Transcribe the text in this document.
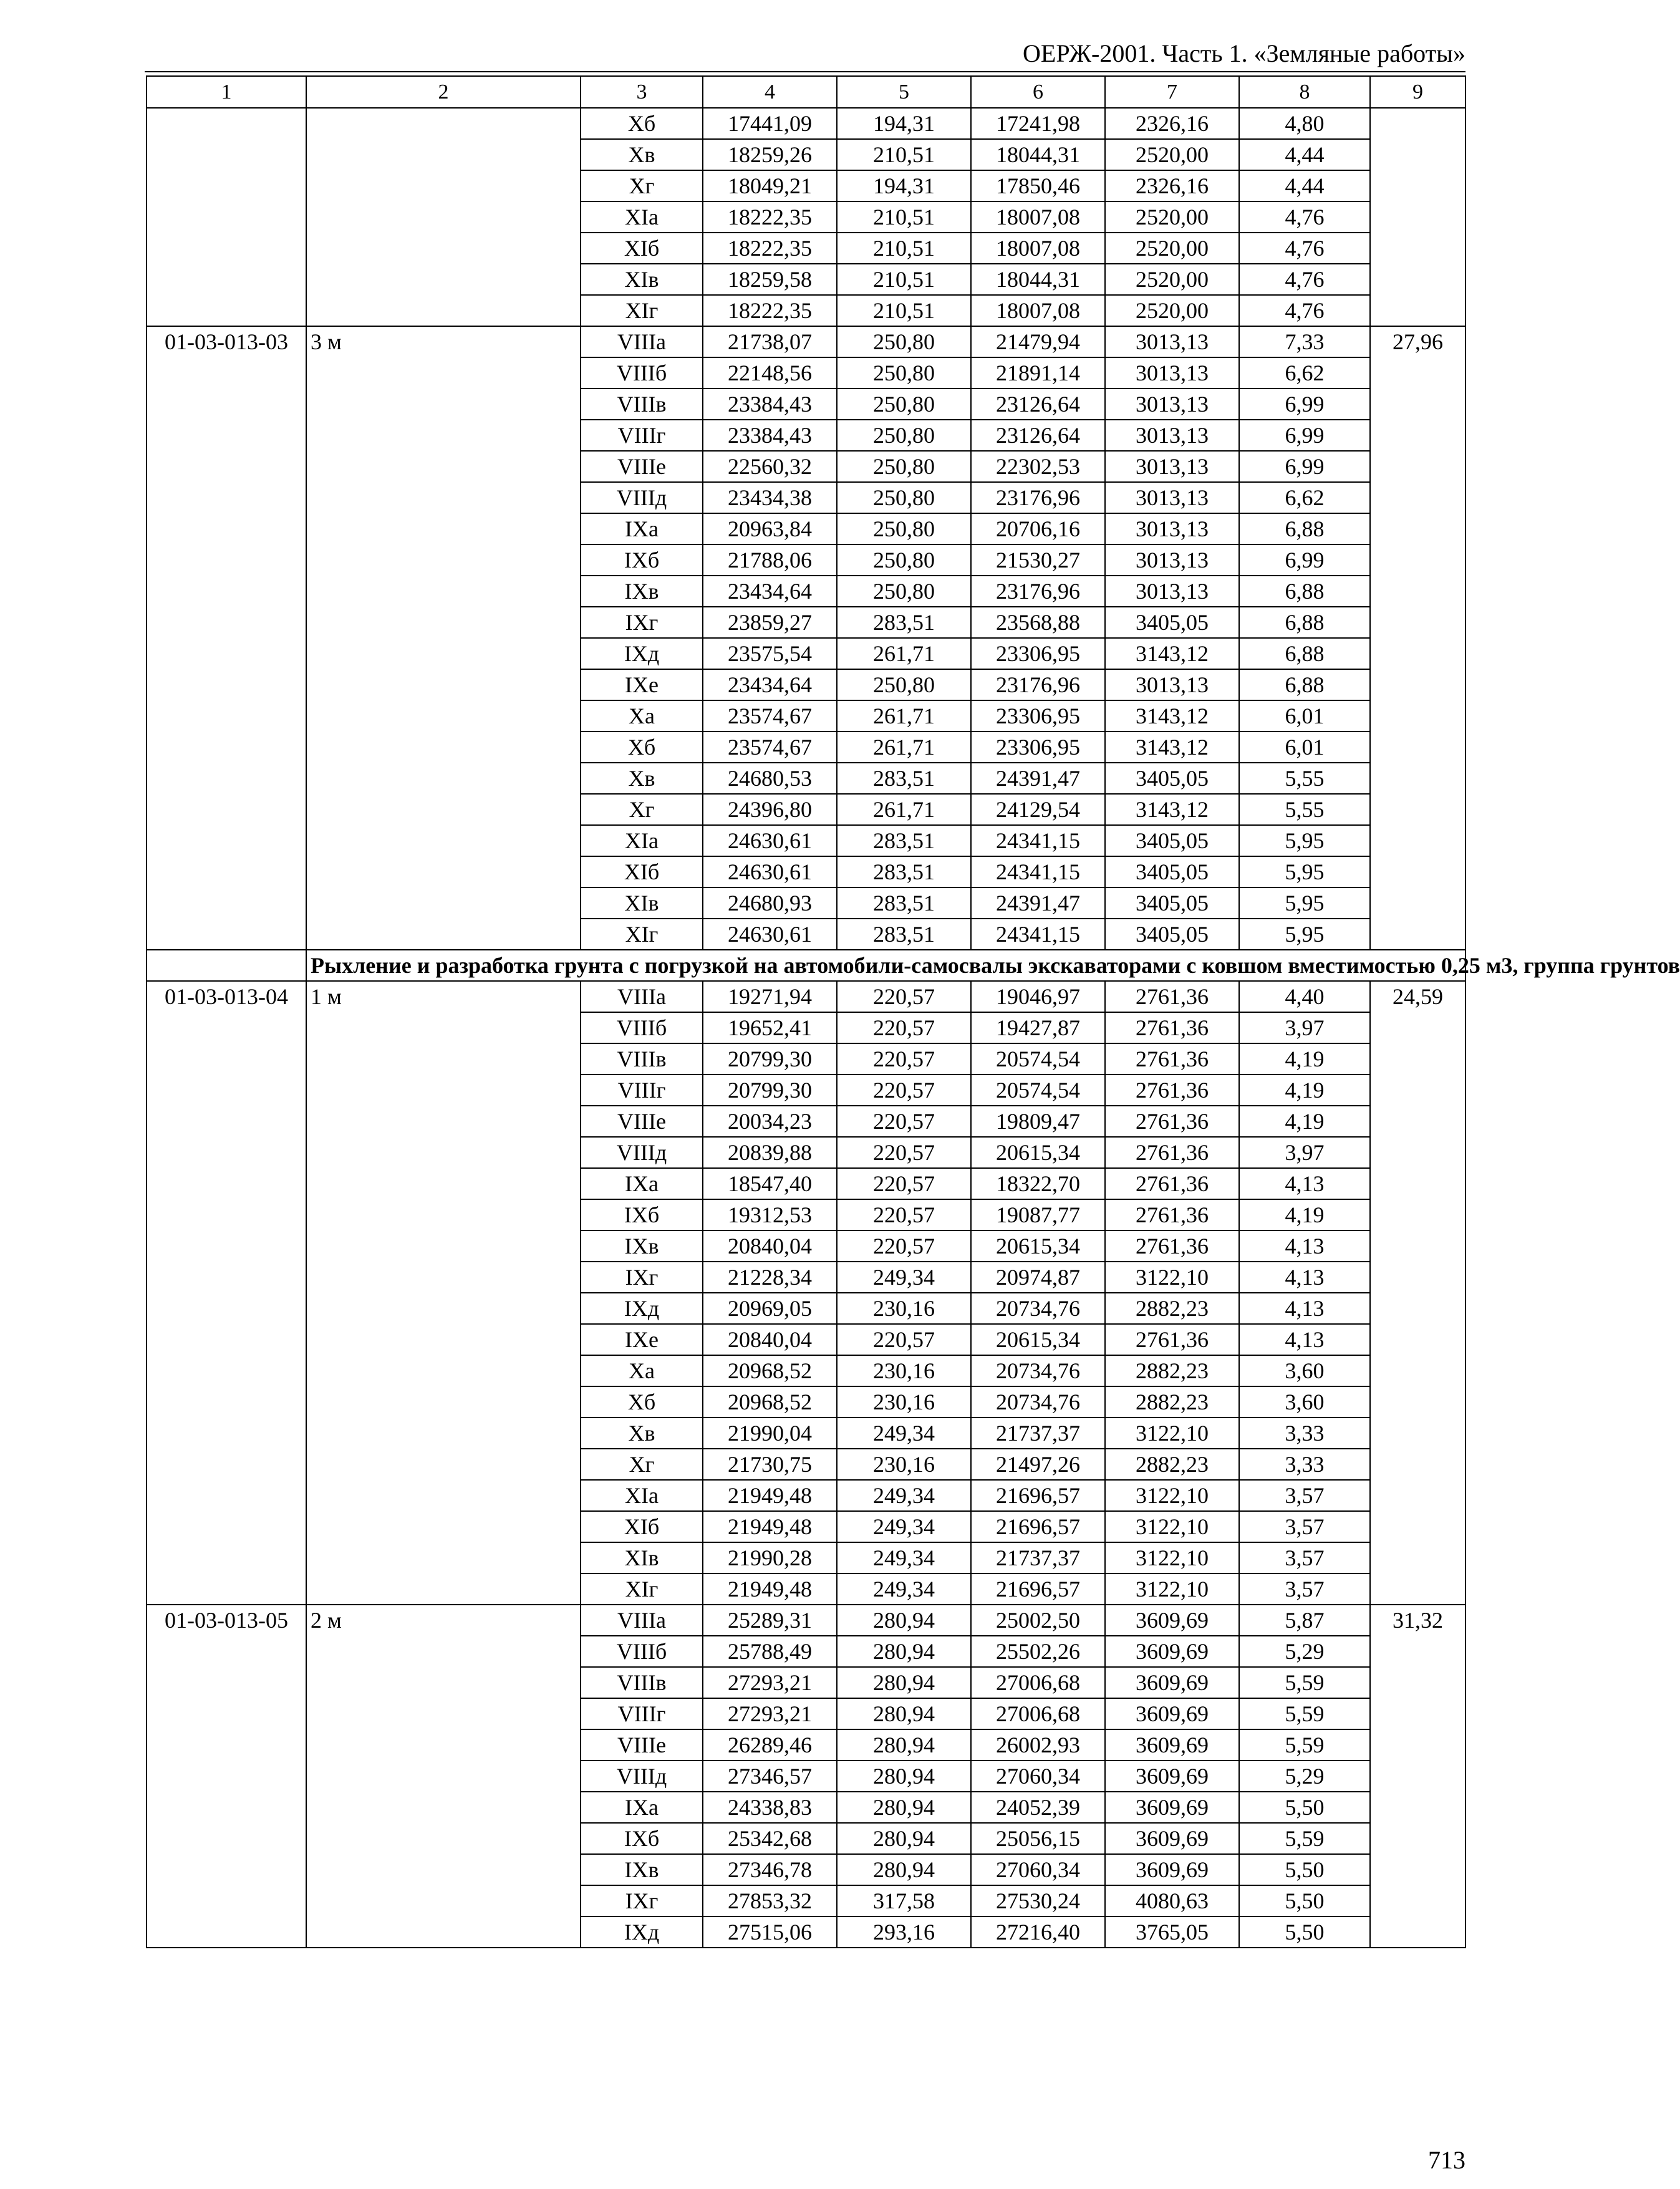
ОЕРЖ-2001. Часть 1. «Земляные работы»
1	2	3	4	5	6	7	8	9
		Хб	17441,09	194,31	17241,98	2326,16	4,80	
		Хв	18259,26	210,51	18044,31	2520,00	4,44	
		Хг	18049,21	194,31	17850,46	2326,16	4,44	
		ХIа	18222,35	210,51	18007,08	2520,00	4,76	
		ХIб	18222,35	210,51	18007,08	2520,00	4,76	
		ХIв	18259,58	210,51	18044,31	2520,00	4,76	
		ХIг	18222,35	210,51	18007,08	2520,00	4,76	
01-03-013-03	3 м	VIIIа	21738,07	250,80	21479,94	3013,13	7,33	27,96
		VIIIб	22148,56	250,80	21891,14	3013,13	6,62	
		VIIIв	23384,43	250,80	23126,64	3013,13	6,99	
		VIIIг	23384,43	250,80	23126,64	3013,13	6,99	
		VIIIе	22560,32	250,80	22302,53	3013,13	6,99	
		VIIIд	23434,38	250,80	23176,96	3013,13	6,62	
		IХа	20963,84	250,80	20706,16	3013,13	6,88	
		IХб	21788,06	250,80	21530,27	3013,13	6,99	
		IХв	23434,64	250,80	23176,96	3013,13	6,88	
		IХг	23859,27	283,51	23568,88	3405,05	6,88	
		IХд	23575,54	261,71	23306,95	3143,12	6,88	
		IХе	23434,64	250,80	23176,96	3013,13	6,88	
		Ха	23574,67	261,71	23306,95	3143,12	6,01	
		Хб	23574,67	261,71	23306,95	3143,12	6,01	
		Хв	24680,53	283,51	24391,47	3405,05	5,55	
		Хг	24396,80	261,71	24129,54	3143,12	5,55	
		ХIа	24630,61	283,51	24341,15	3405,05	5,95	
		ХIб	24630,61	283,51	24341,15	3405,05	5,95	
		ХIв	24680,93	283,51	24391,47	3405,05	5,95	
		ХIг	24630,61	283,51	24341,15	3405,05	5,95	
	Рыхление и разработка грунта с погрузкой на автомобили-самосвалы экскаваторами с ковшом вместимостью 0,25 м3, группа грунтов							
01-03-013-04	1 м	VIIIа	19271,94	220,57	19046,97	2761,36	4,40	24,59
		VIIIб	19652,41	220,57	19427,87	2761,36	3,97	
		VIIIв	20799,30	220,57	20574,54	2761,36	4,19	
		VIIIг	20799,30	220,57	20574,54	2761,36	4,19	
		VIIIе	20034,23	220,57	19809,47	2761,36	4,19	
		VIIIд	20839,88	220,57	20615,34	2761,36	3,97	
		IХа	18547,40	220,57	18322,70	2761,36	4,13	
		IХб	19312,53	220,57	19087,77	2761,36	4,19	
		IХв	20840,04	220,57	20615,34	2761,36	4,13	
		IХг	21228,34	249,34	20974,87	3122,10	4,13	
		IХд	20969,05	230,16	20734,76	2882,23	4,13	
		IХе	20840,04	220,57	20615,34	2761,36	4,13	
		Ха	20968,52	230,16	20734,76	2882,23	3,60	
		Хб	20968,52	230,16	20734,76	2882,23	3,60	
		Хв	21990,04	249,34	21737,37	3122,10	3,33	
		Хг	21730,75	230,16	21497,26	2882,23	3,33	
		ХIа	21949,48	249,34	21696,57	3122,10	3,57	
		ХIб	21949,48	249,34	21696,57	3122,10	3,57	
		ХIв	21990,28	249,34	21737,37	3122,10	3,57	
		ХIг	21949,48	249,34	21696,57	3122,10	3,57	
01-03-013-05	2 м	VIIIа	25289,31	280,94	25002,50	3609,69	5,87	31,32
		VIIIб	25788,49	280,94	25502,26	3609,69	5,29	
		VIIIв	27293,21	280,94	27006,68	3609,69	5,59	
		VIIIг	27293,21	280,94	27006,68	3609,69	5,59	
		VIIIе	26289,46	280,94	26002,93	3609,69	5,59	
		VIIIд	27346,57	280,94	27060,34	3609,69	5,29	
		IХа	24338,83	280,94	24052,39	3609,69	5,50	
		IХб	25342,68	280,94	25056,15	3609,69	5,59	
		IХв	27346,78	280,94	27060,34	3609,69	5,50	
		IХг	27853,32	317,58	27530,24	4080,63	5,50	
		IХд	27515,06	293,16	27216,40	3765,05	5,50	
713
